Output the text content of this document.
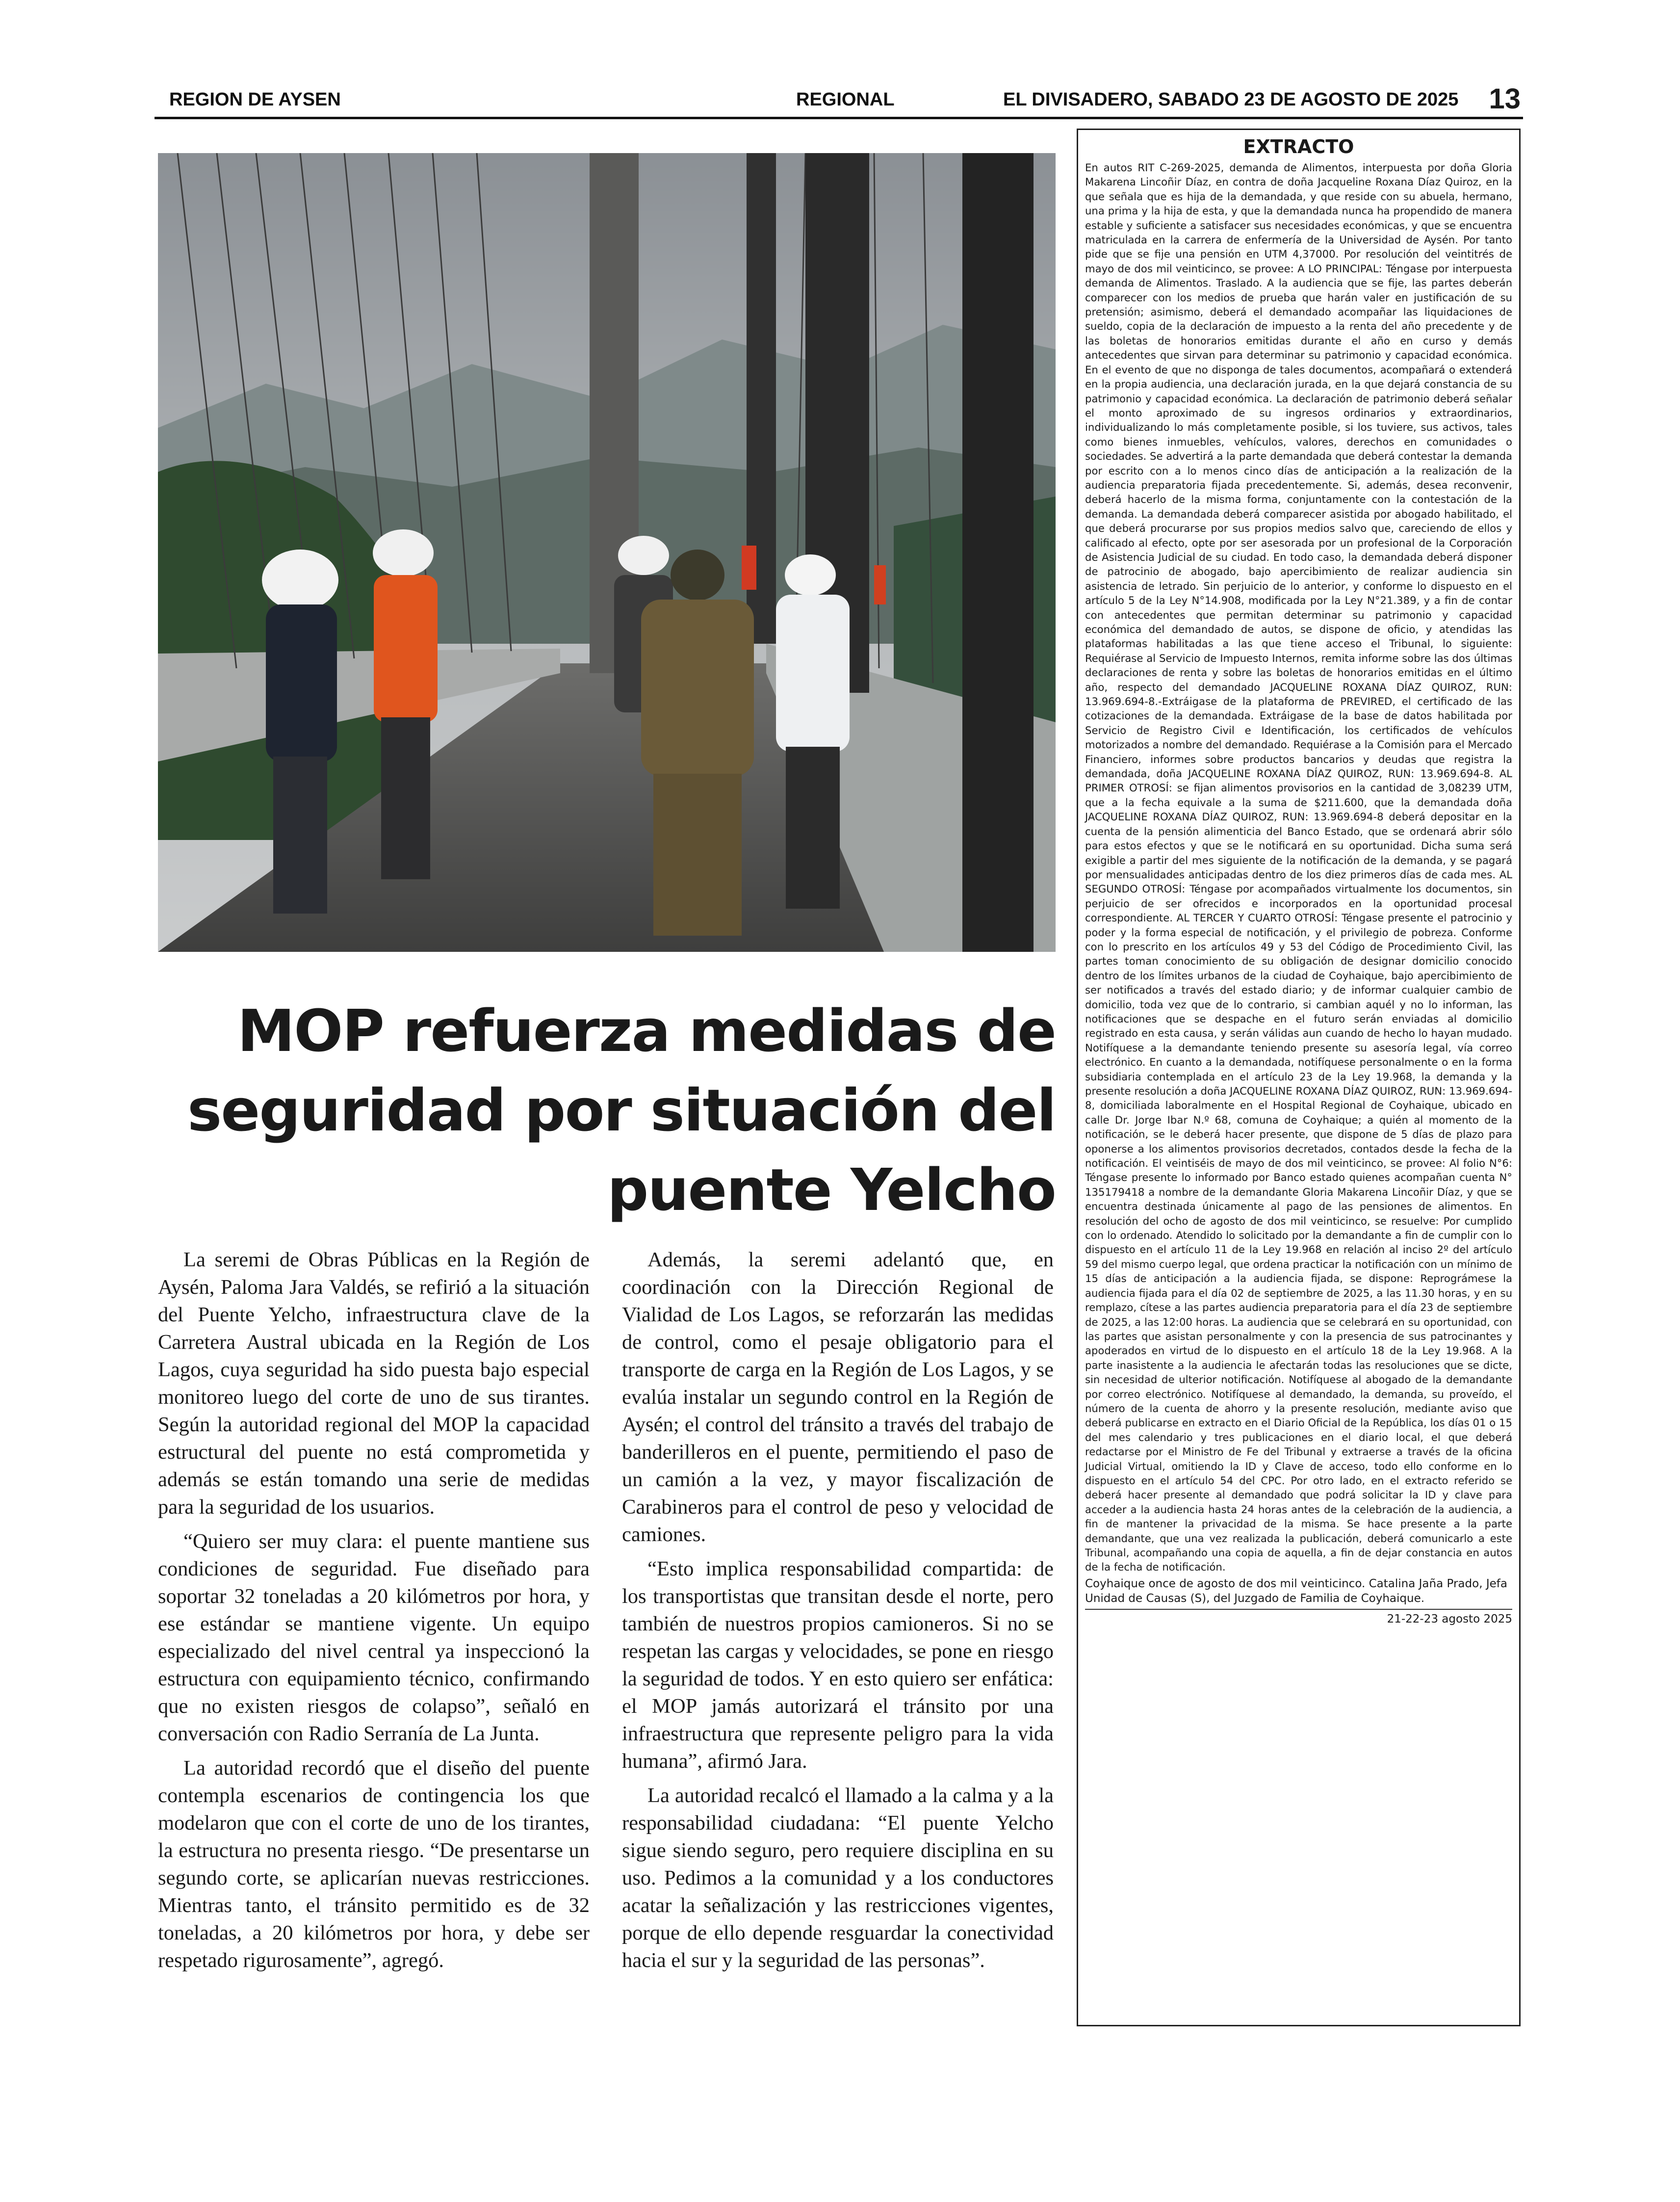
REGION DE AYSEN	REGIONAL	EL DIVISADERO, SABADO 23 DE AGOSTO DE 2025 13
MOP refuerza medidas de seguridad por situación del puente Yelcho

La seremi de Obras Públicas en la Región de Aysén, Paloma Jara Valdés, se refirió a la situación del Puente Yelcho, infraestructura clave de la Carretera Austral ubicada en la Región de Los Lagos, cuya seguridad ha sido puesta bajo especial monitoreo luego del corte de uno de sus tirantes. Según la autoridad regional del MOP la capacidad estructural del puente no está comprometida y además se están tomando una serie de medidas para la seguridad de los usuarios.

“Quiero ser muy clara: el puente mantiene sus condiciones de seguridad. Fue diseñado para soportar 32 toneladas a 20 kilómetros por hora, y ese estándar se mantiene vigente. Un equipo especializado del nivel central ya inspeccionó la estructura con equipamiento técnico, confirmando que no existen riesgos de colapso”, señaló en conversación con Radio Serranía de La Junta.

La autoridad recordó que el diseño del puente contempla escenarios de contingencia los que modelaron que con el corte de uno de los tirantes, la estructura no presenta riesgo. “De presentarse un segundo corte, se aplicarían nuevas restricciones. Mientras tanto, el tránsito permitido es de 32 toneladas, a 20 kilómetros por hora, y debe ser respetado rigurosamente”, agregó.

Además, la seremi adelantó que, en coordinación con la Dirección Regional de Vialidad de Los Lagos, se reforzarán las medidas de control, como el pesaje obligatorio para el transporte de carga en la Región de Los Lagos, y se evalúa instalar un segundo control en la Región de Aysén; el control del tránsito a través del trabajo de banderilleros en el puente, permitiendo el paso de un camión a la vez, y mayor fiscalización de Carabineros para el control de peso y velocidad de camiones.

“Esto implica responsabilidad compartida: de los transportistas que transitan desde el norte, pero también de nuestros propios camioneros. Si no se respetan las cargas y velocidades, se pone en riesgo la seguridad de todos. Y en esto quiero ser enfática: el MOP jamás autorizará el tránsito por una infraestructura que represente peligro para la vida humana”, afirmó Jara.

La autoridad recalcó el llamado a la calma y a la responsabilidad ciudadana: “El puente Yelcho sigue siendo seguro, pero requiere disciplina en su uso. Pedimos a la comunidad y a los conductores acatar la señalización y las restricciones vigentes, porque de ello depende resguardar la conectividad hacia el sur y la seguridad de las personas”.

EXTRACTO
En autos RIT C-269-2025, demanda de Alimentos, interpuesta por doña Gloria Makarena Lincoñir Díaz, en contra de doña Jacqueline Roxana Díaz Quiroz, en la que señala que es hija de la demandada, y que reside con su abuela, hermano, una prima y la hija de esta, y que la demandada nunca ha propendido de manera estable y suficiente a satisfacer sus necesidades económicas, y que se encuentra matriculada en la carrera de enfermería de la Universidad de Aysén. Por tanto pide que se fije una pensión en UTM 4,37000. Por resolución del veintitrés de mayo de dos mil veinticinco, se provee: A LO PRINCIPAL: Téngase por interpuesta demanda de Alimentos. Traslado. A la audiencia que se fije, las partes deberán comparecer con los medios de prueba que harán valer en justificación de su pretensión; asimismo, deberá el demandado acompañar las liquidaciones de sueldo, copia de la declaración de impuesto a la renta del año precedente y de las boletas de honorarios emitidas durante el año en curso y demás antecedentes que sirvan para determinar su patrimonio y capacidad económica. En el evento de que no disponga de tales documentos, acompañará o extenderá en la propia audiencia, una declaración jurada, en la que dejará constancia de su patrimonio y capacidad económica. La declaración de patrimonio deberá señalar el monto aproximado de su ingresos ordinarios y extraordinarios, individualizando lo más completamente posible, si los tuviere, sus activos, tales como bienes inmuebles, vehículos, valores, derechos en comunidades o sociedades. Se advertirá a la parte demandada que deberá contestar la demanda por escrito con a lo menos cinco días de anticipación a la realización de la audiencia preparatoria fijada precedentemente. Si, además, desea reconvenir, deberá hacerlo de la misma forma, conjuntamente con la contestación de la demanda. La demandada deberá comparecer asistida por abogado habilitado, el que deberá procurarse por sus propios medios salvo que, careciendo de ellos y calificado al efecto, opte por ser asesorada por un profesional de la Corporación de Asistencia Judicial de su ciudad. En todo caso, la demandada deberá disponer de patrocinio de abogado, bajo apercibimiento de realizar audiencia sin asistencia de letrado. Sin perjuicio de lo anterior, y conforme lo dispuesto en el artículo 5 de la Ley N°14.908, modificada por la Ley N°21.389, y a fin de contar con antecedentes que permitan determinar su patrimonio y capacidad económica del demandado de autos, se dispone de oficio, y atendidas las plataformas habilitadas a las que tiene acceso el Tribunal, lo siguiente: Requiérase al Servicio de Impuesto Internos, remita informe sobre las dos últimas declaraciones de renta y sobre las boletas de honorarios emitidas en el último año, respecto del demandado JACQUELINE ROXANA DÍAZ QUIROZ, RUN: 13.969.694-8.-Extráigase de la plataforma de PREVIRED, el certificado de las cotizaciones de la demandada. Extráigase de la base de datos habilitada por Servicio de Registro Civil e Identificación, los certificados de vehículos motorizados a nombre del demandado. Requiérase a la Comisión para el Mercado Financiero, informes sobre productos bancarios y deudas que registra la demandada, doña JACQUELINE ROXANA DÍAZ QUIROZ, RUN: 13.969.694-8. AL PRIMER OTROSÍ: se fijan alimentos provisorios en la cantidad de 3,08239 UTM, que a la fecha equivale a la suma de $211.600, que la demandada doña JACQUELINE ROXANA DÍAZ QUIROZ, RUN: 13.969.694-8 deberá depositar en la cuenta de la pensión alimenticia del Banco Estado, que se ordenará abrir sólo para estos efectos y que se le notificará en su oportunidad. Dicha suma será exigible a partir del mes siguiente de la notificación de la demanda, y se pagará por mensualidades anticipadas dentro de los diez primeros días de cada mes. AL SEGUNDO OTROSÍ: Téngase por acompañados virtualmente los documentos, sin perjuicio de ser ofrecidos e incorporados en la oportunidad procesal correspondiente. AL TERCER Y CUARTO OTROSÍ: Téngase presente el patrocinio y poder y la forma especial de notificación, y el privilegio de pobreza. Conforme con lo prescrito en los artículos 49 y 53 del Código de Procedimiento Civil, las partes toman conocimiento de su obligación de designar domicilio conocido dentro de los límites urbanos de la ciudad de Coyhaique, bajo apercibimiento de ser notificados a través del estado diario; y de informar cualquier cambio de domicilio, toda vez que de lo contrario, si cambian aquél y no lo informan, las notificaciones que se despache en el futuro serán enviadas al domicilio registrado en esta causa, y serán válidas aun cuando de hecho lo hayan mudado. Notifíquese a la demandante teniendo presente su asesoría legal, vía correo electrónico. En cuanto a la demandada, notifíquese personalmente o en la forma subsidiaria contemplada en el artículo 23 de la Ley 19.968, la demanda y la presente resolución a doña JACQUELINE ROXANA DÍAZ QUIROZ, RUN: 13.969.694-8, domiciliada laboralmente en el Hospital Regional de Coyhaique, ubicado en calle Dr. Jorge Ibar N.º 68, comuna de Coyhaique; a quién al momento de la notificación, se le deberá hacer presente, que dispone de 5 días de plazo para oponerse a los alimentos provisorios decretados, contados desde la fecha de la notificación. El veintiséis de mayo de dos mil veinticinco, se provee: Al folio N°6: Téngase presente lo informado por Banco estado quienes acompañan cuenta N° 135179418 a nombre de la demandante Gloria Makarena Lincoñir Díaz, y que se encuentra destinada únicamente al pago de las pensiones de alimentos. En resolución del ocho de agosto de dos mil veinticinco, se resuelve: Por cumplido con lo ordenado. Atendido lo solicitado por la demandante a fin de cumplir con lo dispuesto en el artículo 11 de la Ley 19.968 en relación al inciso 2º del artículo 59 del mismo cuerpo legal, que ordena practicar la notificación con un mínimo de 15 días de anticipación a la audiencia fijada, se dispone: Reprográmese la audiencia fijada para el día 02 de septiembre de 2025, a las 11.30 horas, y en su remplazo, cítese a las partes audiencia preparatoria para el día 23 de septiembre de 2025, a las 12:00 horas. La audiencia que se celebrará en su oportunidad, con las partes que asistan personalmente y con la presencia de sus patrocinantes y apoderados en virtud de lo dispuesto en el artículo 18 de la Ley 19.968. A la parte inasistente a la audiencia le afectarán todas las resoluciones que se dicte, sin necesidad de ulterior notificación. Notifíquese al abogado de la demandante por correo electrónico. Notifíquese al demandado, la demanda, su proveído, el número de la cuenta de ahorro y la presente resolución, mediante aviso que deberá publicarse en extracto en el Diario Oficial de la República, los días 01 o 15 del mes calendario y tres publicaciones en el diario local, el que deberá redactarse por el Ministro de Fe del Tribunal y extraerse a través de la oficina Judicial Virtual, omitiendo la ID y Clave de acceso, todo ello conforme en lo dispuesto en el artículo 54 del CPC. Por otro lado, en el extracto referido se deberá hacer presente al demandado que podrá solicitar la ID y clave para acceder a la audiencia hasta 24 horas antes de la celebración de la audiencia, a fin de mantener la privacidad de la misma. Se hace presente a la parte demandante, que una vez realizada la publicación, deberá comunicarlo a este Tribunal, acompañando una copia de aquella, a fin de dejar constancia en autos de la fecha de notificación.
Coyhaique once de agosto de dos mil veinticinco. Catalina Jaña Prado, Jefa Unidad de Causas (S), del Juzgado de Familia de Coyhaique.
21-22-23 agosto 2025
